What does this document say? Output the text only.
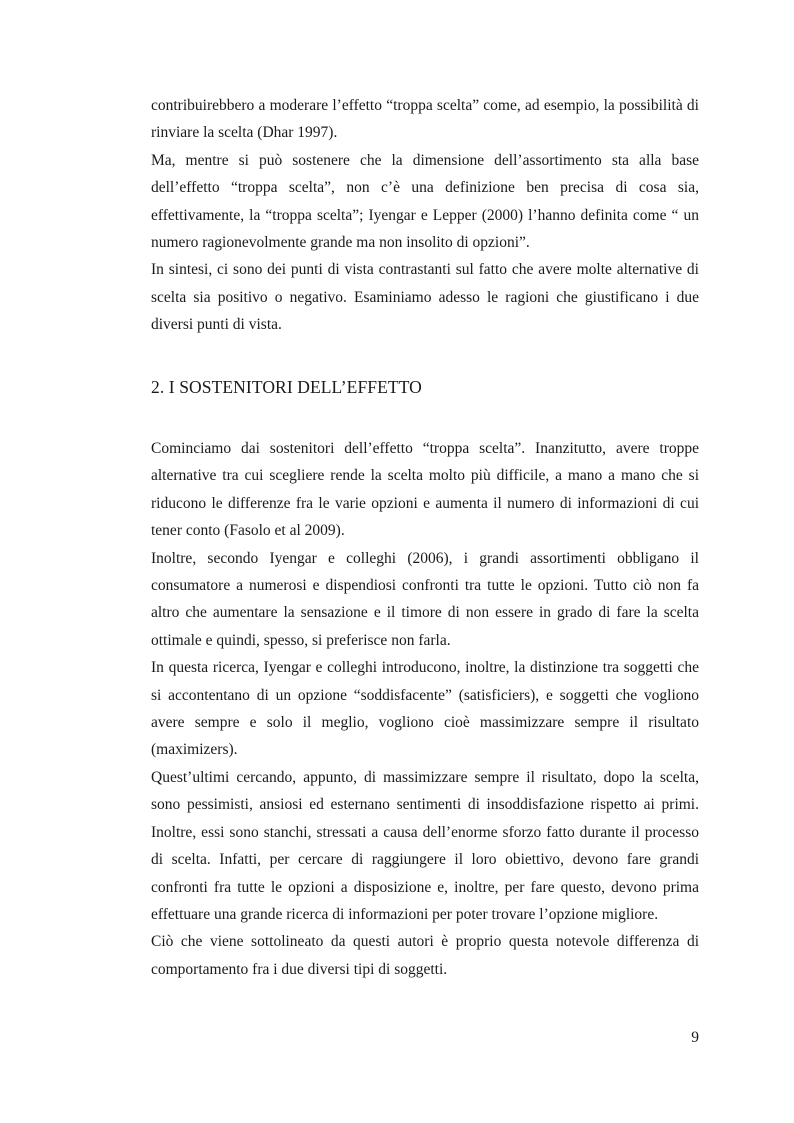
contribuirebbero a moderare l’effetto “troppa scelta” come, ad esempio, la possibilità di rinviare la scelta (Dhar 1997).

Ma, mentre si può sostenere che la dimensione dell’assortimento sta alla base dell’effetto “troppa scelta”, non c’è una definizione ben precisa di cosa sia, effettivamente, la “troppa scelta”; Iyengar e Lepper (2000) l’hanno definita come “ un numero ragionevolmente grande ma non insolito di opzioni”.

In sintesi, ci sono dei punti di vista contrastanti sul fatto che avere molte alternative di scelta sia positivo o negativo. Esaminiamo adesso le ragioni che giustificano i due diversi punti di vista.

2. I SOSTENITORI DELL’EFFETTO

Cominciamo dai sostenitori dell’effetto “troppa scelta”. Inanzitutto, avere troppe alternative tra cui scegliere rende la scelta molto più difficile, a mano a mano che si riducono le differenze fra le varie opzioni e aumenta il numero di informazioni di cui tener conto (Fasolo et al 2009).

Inoltre, secondo Iyengar e colleghi (2006), i grandi assortimenti obbligano il consumatore a numerosi e dispendiosi confronti tra tutte le opzioni. Tutto ciò non fa altro che aumentare la sensazione e il timore di non essere in grado di fare la scelta ottimale e quindi, spesso, si preferisce non farla.

In questa ricerca, Iyengar e colleghi introducono, inoltre, la distinzione tra soggetti che si accontentano di un opzione “soddisfacente” (satisficiers), e soggetti che vogliono avere sempre e solo il meglio, vogliono cioè massimizzare sempre il risultato (maximizers).

Quest’ultimi cercando, appunto, di massimizzare sempre il risultato, dopo la scelta, sono pessimisti, ansiosi ed esternano sentimenti di insoddisfazione rispetto ai primi. Inoltre, essi sono stanchi, stressati a causa dell’enorme sforzo fatto durante il processo di scelta. Infatti, per cercare di raggiungere il loro obiettivo, devono fare grandi confronti fra tutte le opzioni a disposizione e, inoltre, per fare questo, devono prima effettuare una grande ricerca di informazioni per poter trovare l’opzione migliore.

Ciò che viene sottolineato da questi autori è proprio questa notevole differenza di comportamento fra i due diversi tipi di soggetti.

9
